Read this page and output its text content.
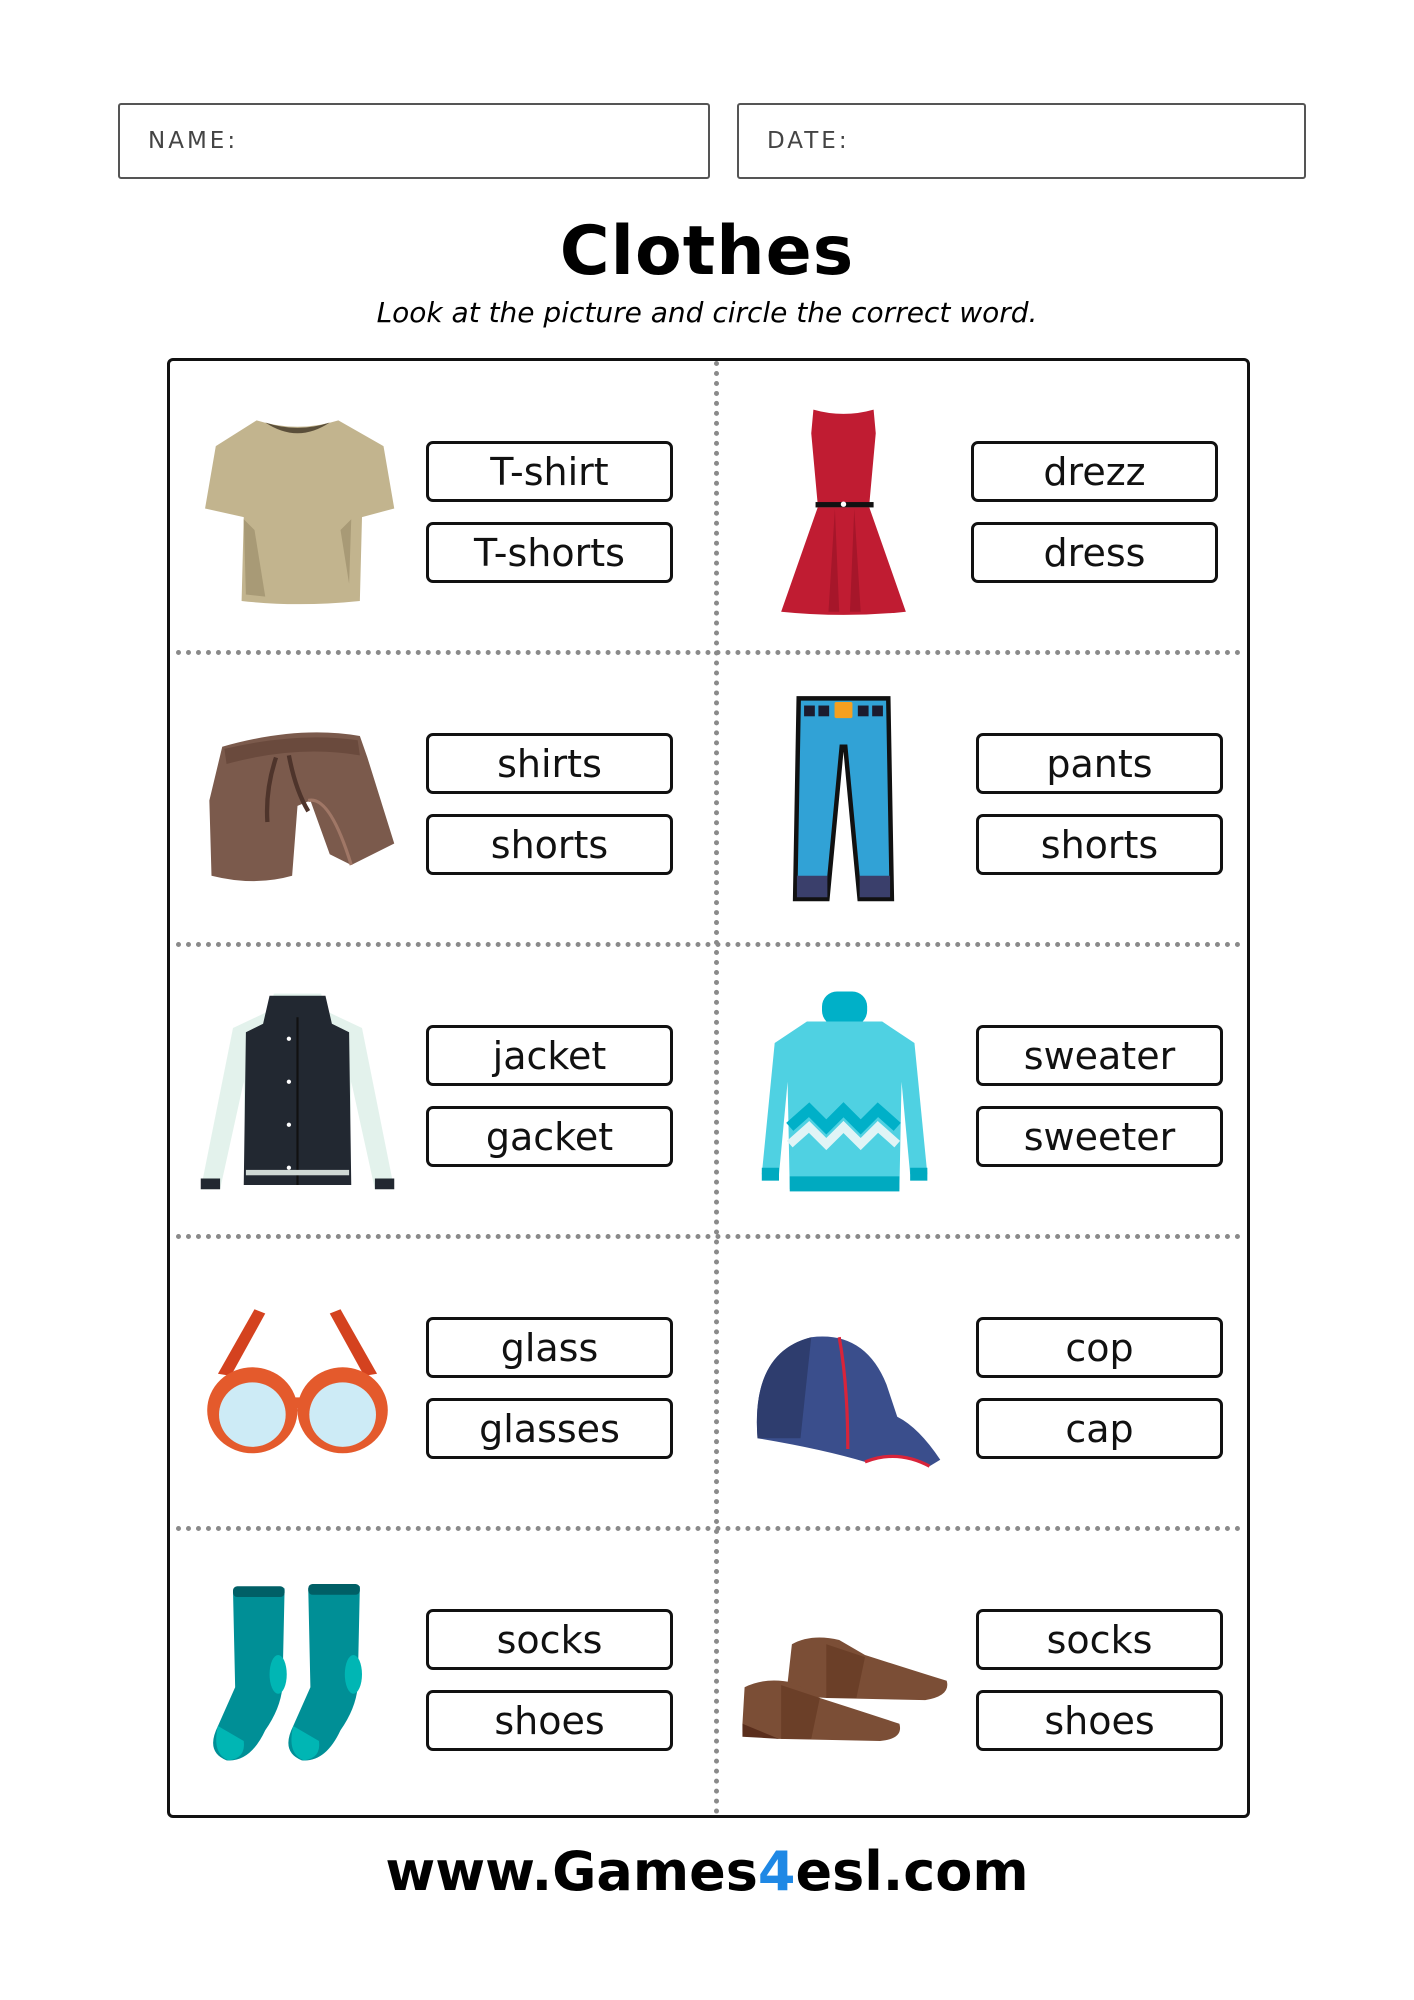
NAME:	DATE:
Clothes
Look at the picture and circle the correct word.
T-shirt
T-shorts
drezz
dress
shirts
shorts
pants
shorts
jacket
gacket
sweater
sweeter
glass
glasses
cop
cap
socks
shoes
socks
shoes
www.Games4esl.com
